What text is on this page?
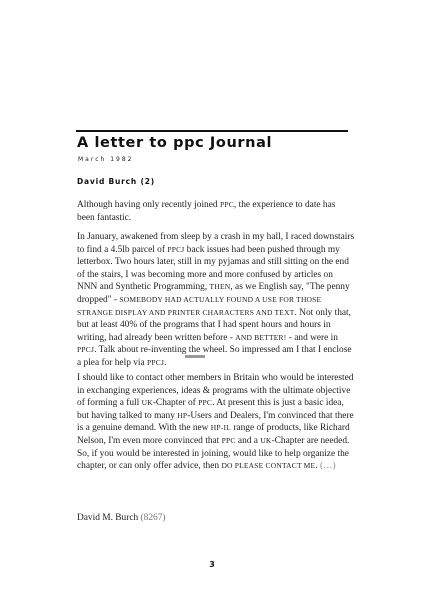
A letter to ppc Journal
March 1982
David Burch (2)

Although having only recently joined PPC, the experience to date has been fantastic.

In January, awakened from sleep by a crash in my hall, I raced downstairs to find a 4.5lb parcel of PPCJ back issues had been pushed through my letterbox. Two hours later, still in my pyjamas and still sitting on the end of the stairs, I was becoming more and more confused by articles on NNN and Synthetic Programming, THEN, as we English say, "The penny dropped" - SOMEBODY HAD ACTUALLY FOUND A USE FOR THOSE STRANGE DISPLAY AND PRINTER CHARACTERS AND TEXT. Not only that, but at least 40% of the programs that I had spent hours and hours in writing, had already been written before - AND BETTER! - and were in PPCJ. Talk about re-inventing the wheel. So impressed am I that I enclose a plea for help via PPCJ.

I should like to contact other members in Britain who would be interested in exchanging experiences, ideas & programs with the ultimate objective of forming a full UK-Chapter of PPC. At present this is just a basic idea, but having talked to many HP-Users and Dealers, I'm convinced that there is a genuine demand. With the new HP-IL range of products, like Richard Nelson, I'm even more convinced that PPC and a UK-Chapter are needed. So, if you would be interested in joining, would like to help organize the chapter, or can only offer advice, then DO PLEASE CONTACT ME. (…)

David M. Burch (8267)
3
